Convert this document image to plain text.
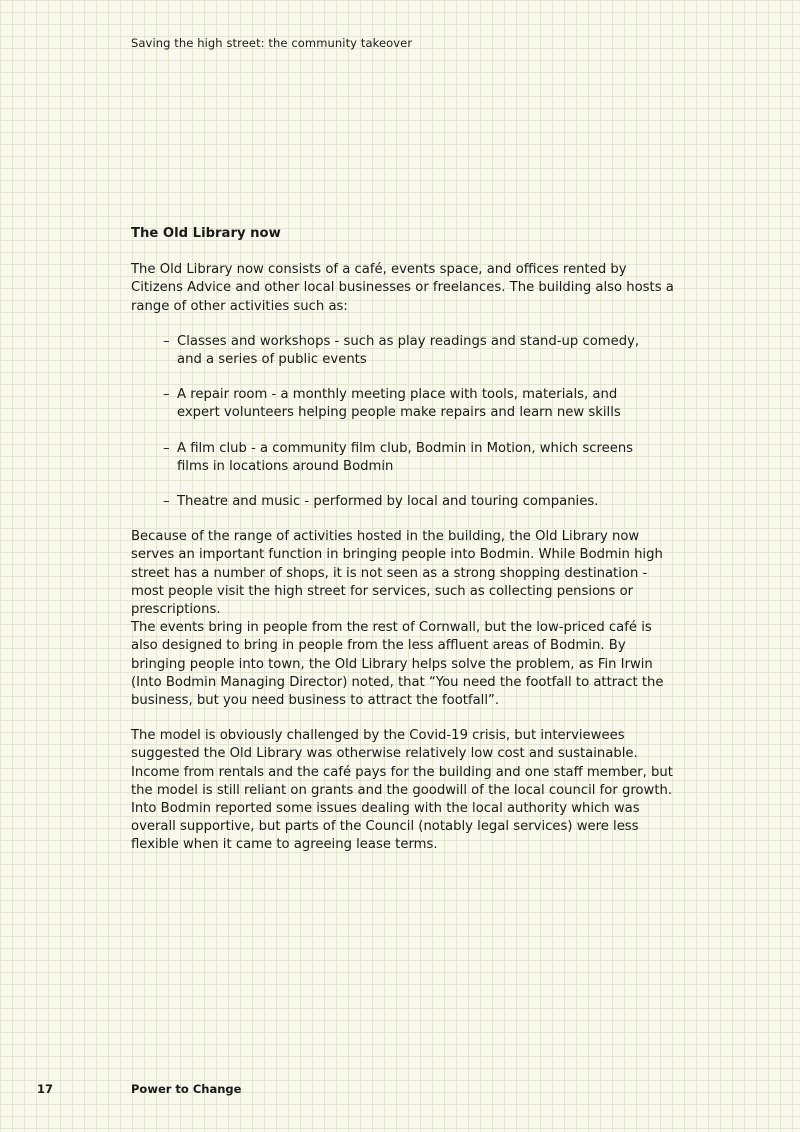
Saving the high street: the community takeover
The Old Library now

The Old Library now consists of a café, events space, and offices rented by Citizens Advice and other local businesses or freelances. The building also hosts a range of other activities such as:

– Classes and workshops - such as play readings and stand-up comedy, and a series of public events
– A repair room - a monthly meeting place with tools, materials, and expert volunteers helping people make repairs and learn new skills
– A film club - a community film club, Bodmin in Motion, which screens films in locations around Bodmin
– Theatre and music - performed by local and touring companies.

Because of the range of activities hosted in the building, the Old Library now serves an important function in bringing people into Bodmin. While Bodmin high street has a number of shops, it is not seen as a strong shopping destination - most people visit the high street for services, such as collecting pensions or prescriptions.
The events bring in people from the rest of Cornwall, but the low-priced café is also designed to bring in people from the less affluent areas of Bodmin. By bringing people into town, the Old Library helps solve the problem, as Fin Irwin (Into Bodmin Managing Director) noted, that “You need the footfall to attract the business, but you need business to attract the footfall”.

The model is obviously challenged by the Covid-19 crisis, but interviewees suggested the Old Library was otherwise relatively low cost and sustainable. Income from rentals and the café pays for the building and one staff member, but the model is still reliant on grants and the goodwill of the local council for growth. Into Bodmin reported some issues dealing with the local authority which was overall supportive, but parts of the Council (notably legal services) were less flexible when it came to agreeing lease terms.

17	Power to Change
